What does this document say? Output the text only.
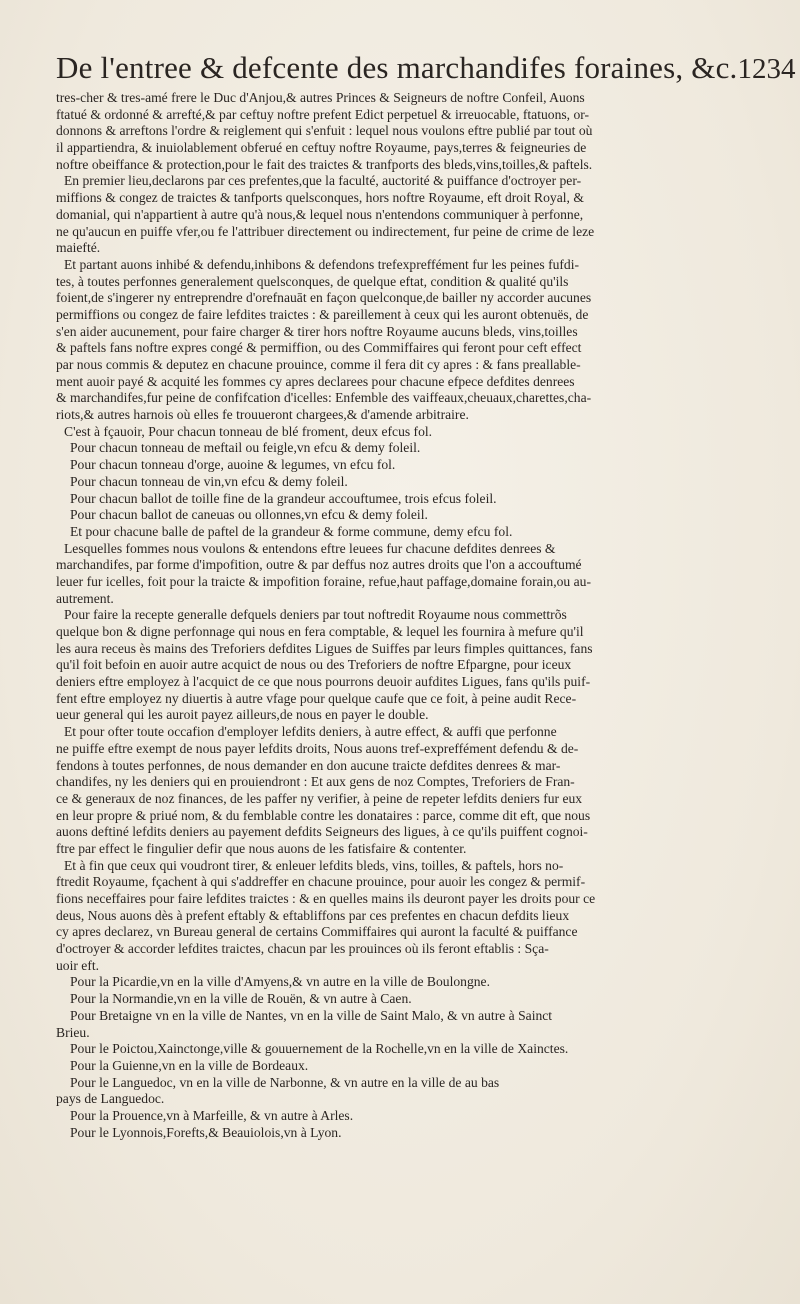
De l'entree & defcente des marchandifes foraines, &c. 1234
tres-cher & tres-amé frere le Duc d'Anjou,& autres Princes & Seigneurs de noftre Confeil, Auons
ftatué & ordonné & arrefté,& par ceftuy noftre prefent Edict perpetuel & irreuocable, ftatuons, or-
donnons & arreftons l'ordre & reiglement qui s'enfuit : lequel nous voulons eftre publié par tout où
il appartiendra, & inuiolablement obferué en ceftuy noftre Royaume, pays,terres & feigneuries de
noftre obeiffance & protection,pour le fait des traictes & tranfports des bleds,vins,toilles,& paftels.
En premier lieu,declarons par ces prefentes,que la faculté, auctorité & puiffance d'octroyer per-
miffions & congez de traictes & tanfports quelsconques, hors noftre Royaume, eft droit Royal, &
domanial, qui n'appartient à autre qu'à nous,& lequel nous n'entendons communiquer à perfonne,
ne qu'aucun en puiffe vfer,ou fe l'attribuer directement ou indirectement, fur peine de crime de leze
maiefté.
Et partant auons inhibé & defendu,inhibons & defendons trefexpreffément fur les peines fufdi-
tes, à toutes perfonnes generalement quelsconques, de quelque eftat, condition & qualité qu'ils
foient,de s'ingerer ny entreprendre d'orefnauāt en façon quelconque,de bailler ny accorder aucunes
permiffions ou congez de faire lefdites traictes : & pareillement à ceux qui les auront obtenuës, de
s'en aider aucunement, pour faire charger & tirer hors noftre Royaume aucuns bleds, vins,toilles
& paftels fans noftre expres congé & permiffion, ou des Commiffaires qui feront pour ceft effect
par nous commis & deputez en chacune prouince, comme il fera dit cy apres : & fans preallable-
ment auoir payé & acquité les fommes cy apres declarees pour chacune efpece defdites denrees
& marchandifes,fur peine de confifcation d'icelles: Enfemble des vaiffeaux,cheuaux,charettes,cha-
riots,& autres harnois où elles fe trouueront chargees,& d'amende arbitraire.
C'est à fçauoir, Pour chacun tonneau de blé froment, deux efcus fol.
Pour chacun tonneau de meftail ou feigle,vn efcu & demy foleil.
Pour chacun tonneau d'orge, auoine & legumes, vn efcu fol.
Pour chacun tonneau de vin,vn efcu & demy foleil.
Pour chacun ballot de toille fine de la grandeur accouftumee, trois efcus foleil.
Pour chacun ballot de caneuas ou ollonnes,vn efcu & demy foleil.
Et pour chacune balle de paftel de la grandeur & forme commune, demy efcu fol.
Lesquelles fommes nous voulons & entendons eftre leuees fur chacune defdites denrees &
marchandifes, par forme d'impofition, outre & par deffus noz autres droits que l'on a accouftumé
leuer fur icelles, foit pour la traicte & impofition foraine, refue,haut paffage,domaine forain,ou au-
autrement.
Pour faire la recepte generalle defquels deniers par tout noftredit Royaume nous commettrõs
quelque bon & digne perfonnage qui nous en fera comptable, & lequel les fournira à mefure qu'il
les aura receus ès mains des Treforiers defdites Ligues de Suiffes par leurs fimples quittances, fans
qu'il foit befoin en auoir autre acquict de nous ou des Treforiers de noftre Efpargne, pour iceux
deniers eftre employez à l'acquict de ce que nous pourrons deuoir aufdites Ligues, fans qu'ils puif-
fent eftre employez ny diuertis à autre vfage pour quelque caufe que ce foit, à peine audit Rece-
ueur general qui les auroit payez ailleurs,de nous en payer le double.
Et pour ofter toute occafion d'employer lefdits deniers, à autre effect, & auffi que perfonne
ne puiffe eftre exempt de nous payer lefdits droits, Nous auons tref-expreffément defendu & de-
fendons à toutes perfonnes, de nous demander en don aucune traicte defdites denrees & mar-
chandifes, ny les deniers qui en prouiendront : Et aux gens de noz Comptes, Treforiers de Fran-
ce & generaux de noz finances, de les paffer ny verifier, à peine de repeter lefdits deniers fur eux
en leur propre & priué nom, & du femblable contre les donataires : parce, comme dit eft, que nous
auons deftiné lefdits deniers au payement defdits Seigneurs des ligues, à ce qu'ils puiffent cognoi-
ftre par effect le fingulier defir que nous auons de les fatisfaire & contenter.
Et à fin que ceux qui voudront tirer, & enleuer lefdits bleds, vins, toilles, & paftels, hors no-
ftredit Royaume, fçachent à qui s'addreffer en chacune prouince, pour auoir les congez & permif-
fions neceffaires pour faire lefdites traictes : & en quelles mains ils deuront payer les droits pour ce
deus, Nous auons dès à prefent eftably & eftabliffons par ces prefentes en chacun defdits lieux
cy apres declarez, vn Bureau general de certains Commiffaires qui auront la faculté & puiffance
d'octroyer & accorder lefdites traictes, chacun par les prouinces où ils feront eftablis : Sça-
uoir eft.
Pour la Picardie,vn en la ville d'Amyens,& vn autre en la ville de Boulongne.
Pour la Normandie,vn en la ville de Rouën, & vn autre à Caen.
Pour Bretaigne vn en la ville de Nantes, vn en la ville de Saint Malo, & vn autre à Sainct
Brieu.
Pour le Poictou,Xainctonge,ville & gouuernement de la Rochelle,vn en la ville de Xainctes.
Pour la Guienne,vn en la ville de Bordeaux.
Pour le Languedoc, vn en la ville de Narbonne, & vn autre en la ville de au bas
pays de Languedoc.
Pour la Prouence,vn à Marfeille, & vn autre à Arles.
Pour le Lyonnois,Forefts,& Beauiolois,vn à Lyon.
